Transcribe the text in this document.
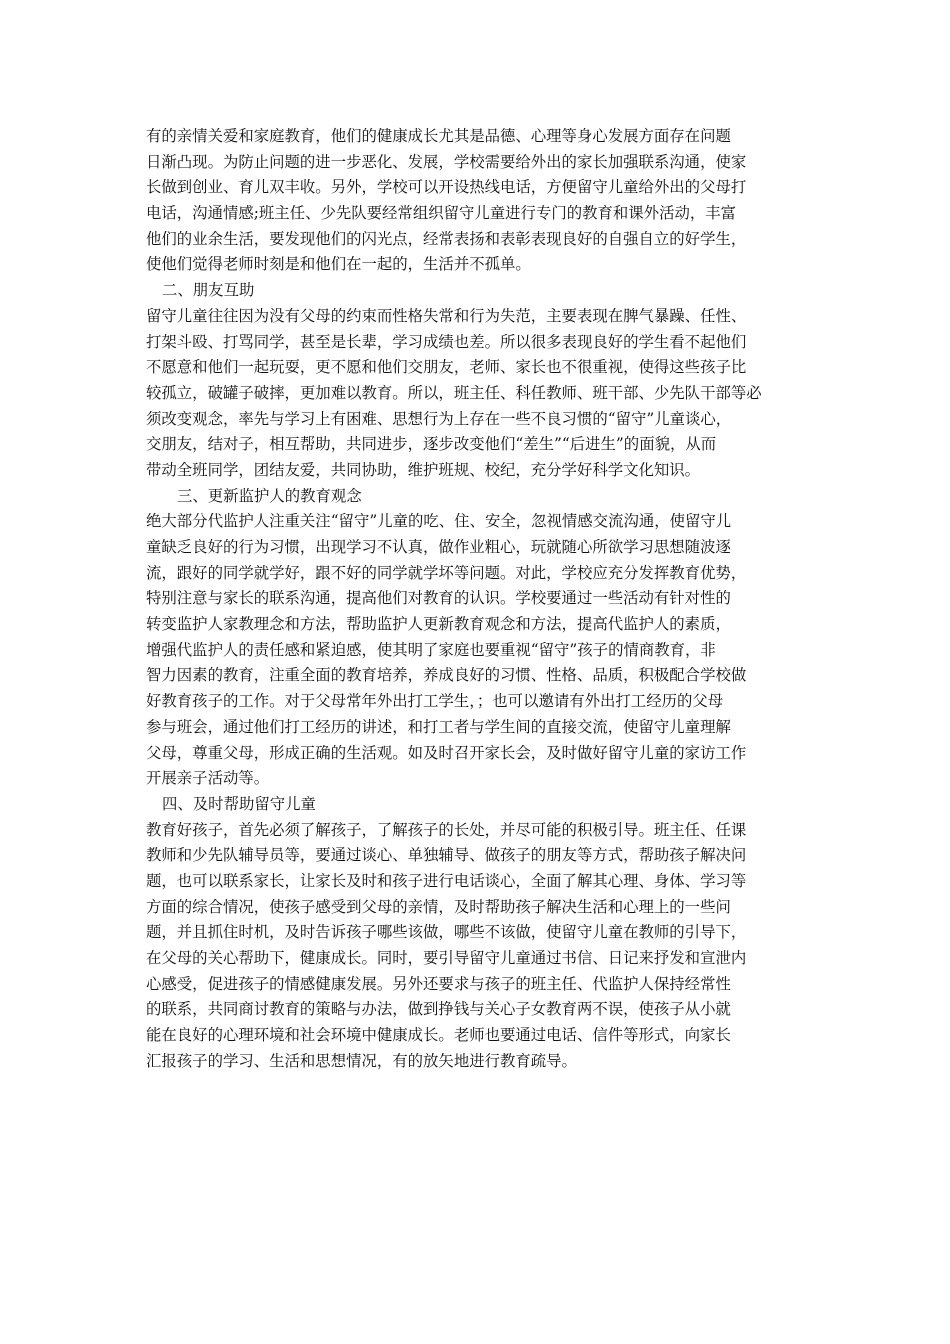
有的亲情关爱和家庭教育，他们的健康成长尤其是品德、心理等身心发展方面存在问题
日渐凸现。为防止问题的进一步恶化、发展，学校需要给外出的家长加强联系沟通，使家
长做到创业、育儿双丰收。另外，学校可以开设热线电话，方便留守儿童给外出的父母打
电话，沟通情感;班主任、少先队要经常组织留守儿童进行专门的教育和课外活动，丰富
他们的业余生活，要发现他们的闪光点，经常表扬和表彰表现良好的自强自立的好学生，
使他们觉得老师时刻是和他们在一起的，生活并不孤单。
二、朋友互助
留守儿童往往因为没有父母的约束而性格失常和行为失范，主要表现在脾气暴躁、任性、
打架斗殴、打骂同学，甚至是长辈，学习成绩也差。所以很多表现良好的学生看不起他们
不愿意和他们一起玩耍，更不愿和他们交朋友，老师、家长也不很重视，使得这些孩子比
较孤立，破罐子破摔，更加难以教育。所以，班主任、科任教师、班干部、少先队干部等必
须改变观念，率先与学习上有困难、思想行为上存在一些不良习惯的“留守”儿童谈心，
交朋友，结对子，相互帮助，共同进步，逐步改变他们“差生”“后进生”的面貌，从而
带动全班同学，团结友爱，共同协助，维护班规、校纪，充分学好科学文化知识。
三、更新监护人的教育观念
绝大部分代监护人注重关注“留守”儿童的吃、住、安全，忽视情感交流沟通，使留守儿
童缺乏良好的行为习惯，出现学习不认真，做作业粗心，玩就随心所欲学习思想随波逐
流，跟好的同学就学好，跟不好的同学就学坏等问题。对此，学校应充分发挥教育优势，
特别注意与家长的联系沟通，提高他们对教育的认识。学校要通过一些活动有针对性的
转变监护人家教理念和方法，帮助监护人更新教育观念和方法，提高代监护人的素质，
增强代监护人的责任感和紧迫感，使其明了家庭也要重视“留守”孩子的情商教育，非
智力因素的教育，注重全面的教育培养，养成良好的习惯、性格、品质，积极配合学校做
好教育孩子的工作。对于父母常年外出打工学生，；也可以邀请有外出打工经历的父母
参与班会，通过他们打工经历的讲述，和打工者与学生间的直接交流，使留守儿童理解
父母，尊重父母，形成正确的生活观。如及时召开家长会，及时做好留守儿童的家访工作
开展亲子活动等。
四、及时帮助留守儿童
教育好孩子，首先必须了解孩子，了解孩子的长处，并尽可能的积极引导。班主任、任课
教师和少先队辅导员等，要通过谈心、单独辅导、做孩子的朋友等方式，帮助孩子解决问
题，也可以联系家长，让家长及时和孩子进行电话谈心，全面了解其心理、身体、学习等
方面的综合情况，使孩子感受到父母的亲情，及时帮助孩子解决生活和心理上的一些问
题，并且抓住时机，及时告诉孩子哪些该做，哪些不该做，使留守儿童在教师的引导下，
在父母的关心帮助下，健康成长。同时，要引导留守儿童通过书信、日记来抒发和宣泄内
心感受，促进孩子的情感健康发展。另外还要求与孩子的班主任、代监护人保持经常性
的联系，共同商讨教育的策略与办法，做到挣钱与关心子女教育两不误，使孩子从小就
能在良好的心理环境和社会环境中健康成长。老师也要通过电话、信件等形式，向家长
汇报孩子的学习、生活和思想情况，有的放矢地进行教育疏导。
